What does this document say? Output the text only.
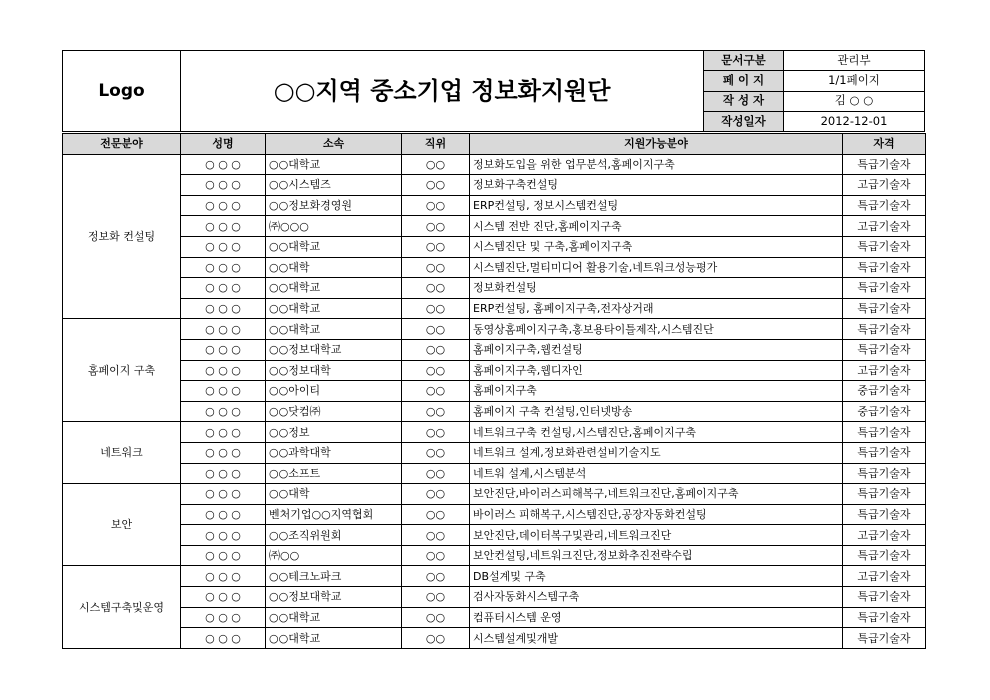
Logo	○○지역 중소기업 정보화지원단	문서구분	관리부
		페 이 지	1/1페이지
		작 성 자	김 ○ ○
		작성일자	2012-12-01
전문분야	성명	소속	직위	지원가능분야	자격
정보화 컨설팅	○ ○ ○	○○대학교	○○	정보화도입을 위한 업무분석,홈페이지구축	특급기술자
	○ ○ ○	○○시스템즈	○○	정보화구축컨설팅	고급기술자
	○ ○ ○	○○정보화경영원	○○	ERP컨설팅, 정보시스템컨설팅	특급기술자
	○ ○ ○	㈜○○○	○○	시스템 전반 진단,홈페이지구축	고급기술자
	○ ○ ○	○○대학교	○○	시스템진단 및 구축,홈페이지구축	특급기술자
	○ ○ ○	○○대학	○○	시스템진단,멀티미디어 활용기술,네트워크성능평가	특급기술자
	○ ○ ○	○○대학교	○○	정보화컨설팅	특급기술자
	○ ○ ○	○○대학교	○○	ERP컨설팅, 홈페이지구축,전자상거래	특급기술자
홈페이지 구축	○ ○ ○	○○대학교	○○	동영상홈페이지구축,홍보용타이틀제작,시스템진단	특급기술자
	○ ○ ○	○○정보대학교	○○	홈페이지구축,웹컨설팅	특급기술자
	○ ○ ○	○○정보대학	○○	홈페이지구축,웹디자인	고급기술자
	○ ○ ○	○○아이티	○○	홈페이지구축	중급기술자
	○ ○ ○	○○닷컴㈜	○○	홈페이지 구축 컨설팅,인터넷방송	중급기술자
네트워크	○ ○ ○	○○정보	○○	네트워크구축 컨설팅,시스템진단,홈페이지구축	특급기술자
	○ ○ ○	○○과학대학	○○	네트워크 설계,정보화관련설비기술지도	특급기술자
	○ ○ ○	○○소프트	○○	네트워 설계,시스템분석	특급기술자
보안	○ ○ ○	○○대학	○○	보안진단,바이러스피해복구,네트워크진단,홈페이지구축	특급기술자
	○ ○ ○	벤처기업○○지역협회	○○	바이러스 피해복구,시스템진단,공장자동화컨설팅	특급기술자
	○ ○ ○	○○조직위원회	○○	보안진단,데이터복구및관리,네트워크진단	고급기술자
	○ ○ ○	㈜○○	○○	보안컨설팅,네트워크진단,정보화추진전략수립	특급기술자
시스템구축및운영	○ ○ ○	○○테크노파크	○○	DB설계및 구축	고급기술자
	○ ○ ○	○○정보대학교	○○	검사자동화시스템구축	특급기술자
	○ ○ ○	○○대학교	○○	컴퓨터시스템 운영	특급기술자
	○ ○ ○	○○대학교	○○	시스템설계및개발	특급기술자
